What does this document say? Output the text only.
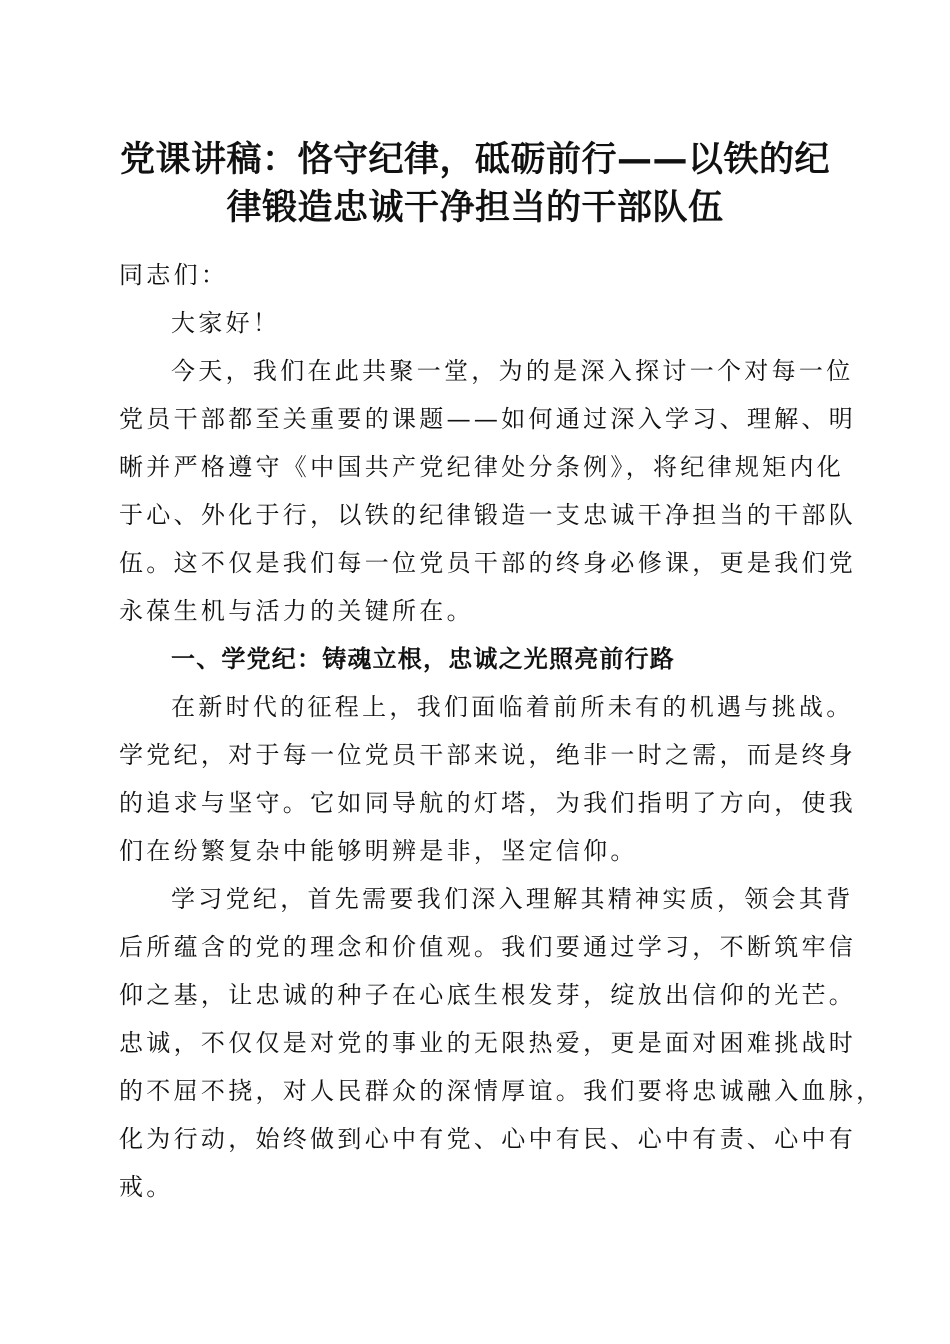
党课讲稿：恪守纪律，砥砺前行——以铁的纪
律锻造忠诚干净担当的干部队伍
同志们：
大家好！
今天，我们在此共聚一堂，为的是深入探讨一个对每一位
党员干部都至关重要的课题——如何通过深入学习、理解、明
晰并严格遵守《中国共产党纪律处分条例》，将纪律规矩内化
于心、外化于行，以铁的纪律锻造一支忠诚干净担当的干部队
伍。这不仅是我们每一位党员干部的终身必修课，更是我们党
永葆生机与活力的关键所在。
一、学党纪：铸魂立根，忠诚之光照亮前行路
在新时代的征程上，我们面临着前所未有的机遇与挑战。
学党纪，对于每一位党员干部来说，绝非一时之需，而是终身
的追求与坚守。它如同导航的灯塔，为我们指明了方向，使我
们在纷繁复杂中能够明辨是非，坚定信仰。
学习党纪，首先需要我们深入理解其精神实质，领会其背
后所蕴含的党的理念和价值观。我们要通过学习，不断筑牢信
仰之基，让忠诚的种子在心底生根发芽，绽放出信仰的光芒。
忠诚，不仅仅是对党的事业的无限热爱，更是面对困难挑战时
的不屈不挠，对人民群众的深情厚谊。我们要将忠诚融入血脉，
化为行动，始终做到心中有党、心中有民、心中有责、心中有
戒。
